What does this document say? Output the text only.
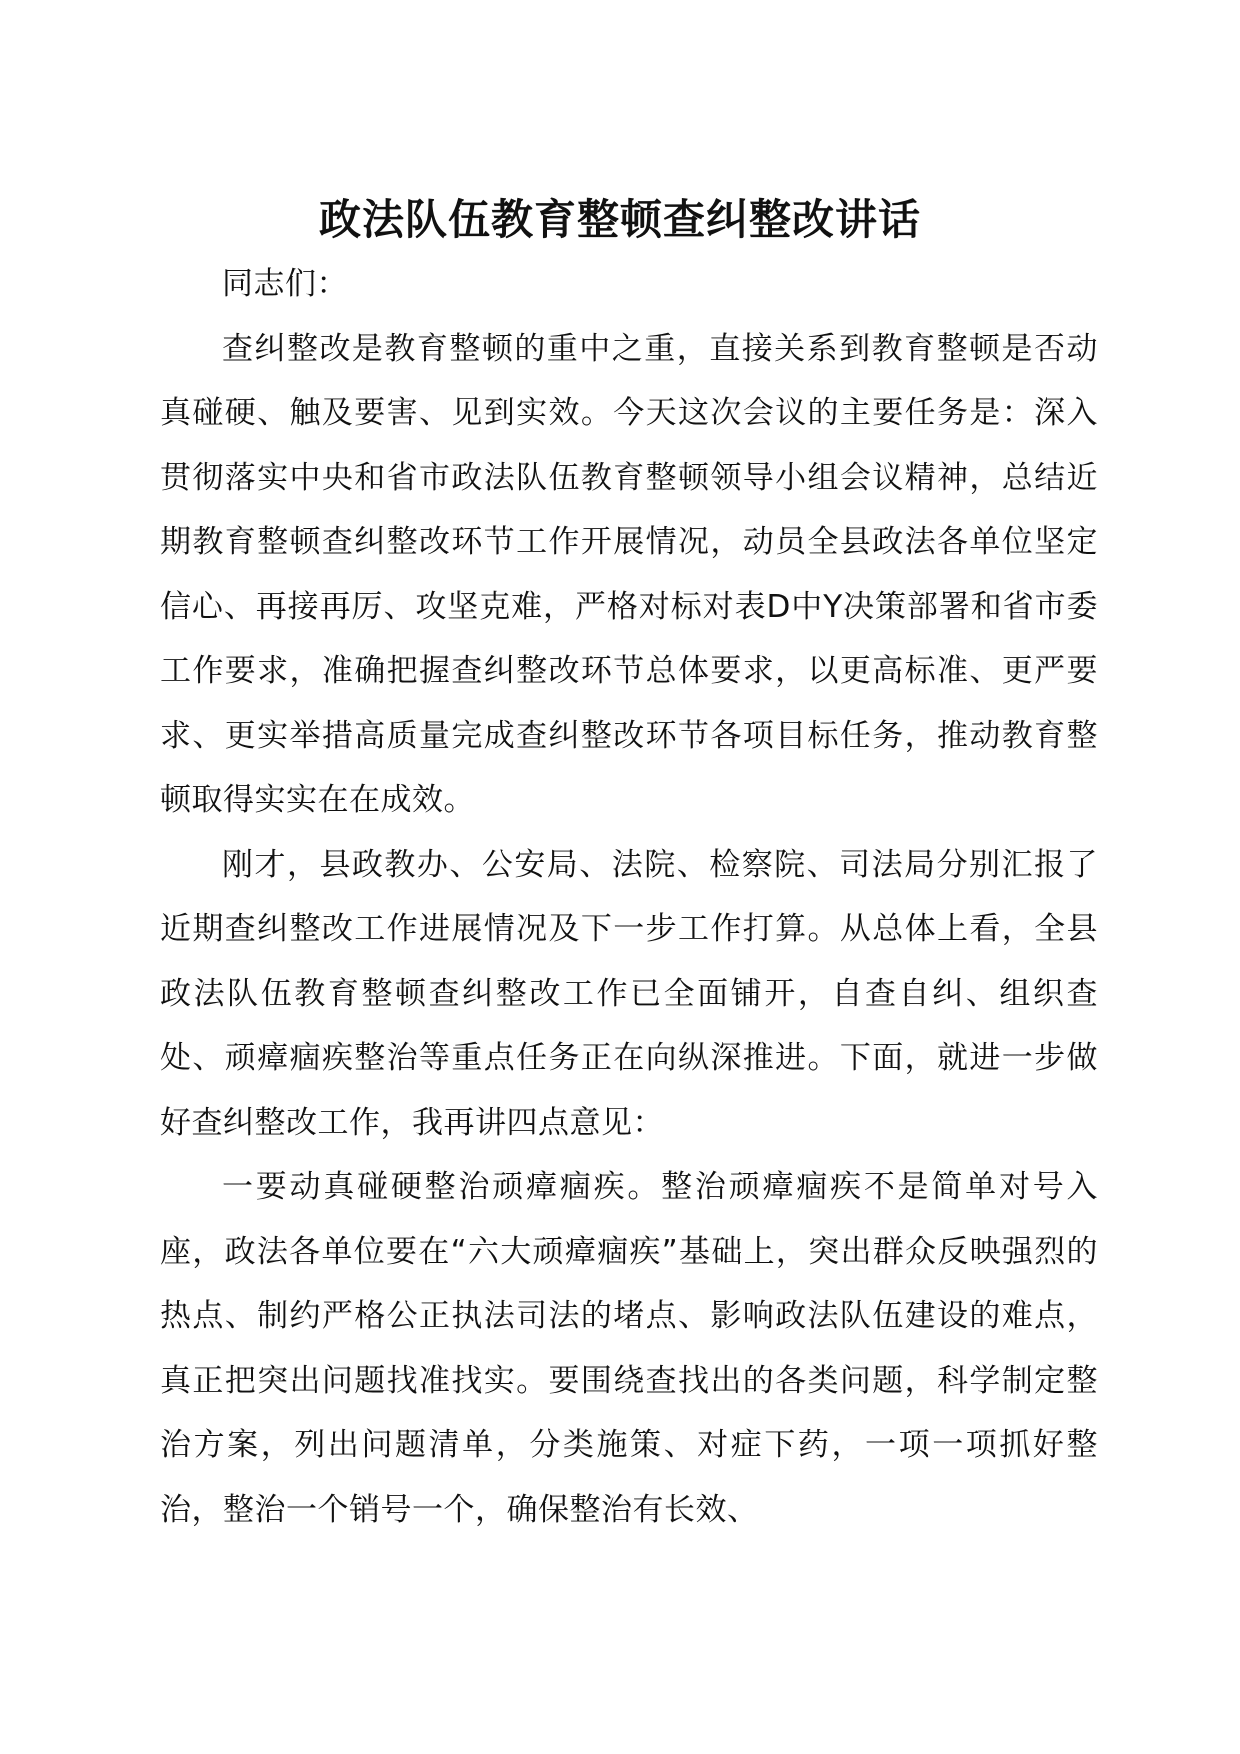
政法队伍教育整顿查纠整改讲话

同志们：

查纠整改是教育整顿的重中之重，直接关系到教育整顿是否动真碰硬、触及要害、见到实效。今天这次会议的主要任务是：深入贯彻落实中央和省市政法队伍教育整顿领导小组会议精神，总结近期教育整顿查纠整改环节工作开展情况，动员全县政法各单位坚定信心、再接再厉、攻坚克难，严格对标对表D中Y决策部署和省市委工作要求，准确把握查纠整改环节总体要求，以更高标准、更严要求、更实举措高质量完成查纠整改环节各项目标任务，推动教育整顿取得实实在在成效。

刚才，县政教办、公安局、法院、检察院、司法局分别汇报了近期查纠整改工作进展情况及下一步工作打算。从总体上看，全县政法队伍教育整顿查纠整改工作已全面铺开，自查自纠、组织查处、顽瘴痼疾整治等重点任务正在向纵深推进。下面，就进一步做好查纠整改工作，我再讲四点意见：

一要动真碰硬整治顽瘴痼疾。整治顽瘴痼疾不是简单对号入座，政法各单位要在“六大顽瘴痼疾”基础上，突出群众反映强烈的热点、制约严格公正执法司法的堵点、影响政法队伍建设的难点，真正把突出问题找准找实。要围绕查找出的各类问题，科学制定整治方案，列出问题清单，分类施策、对症下药，一项一项抓好整治，整治一个销号一个，确保整治有长效、
